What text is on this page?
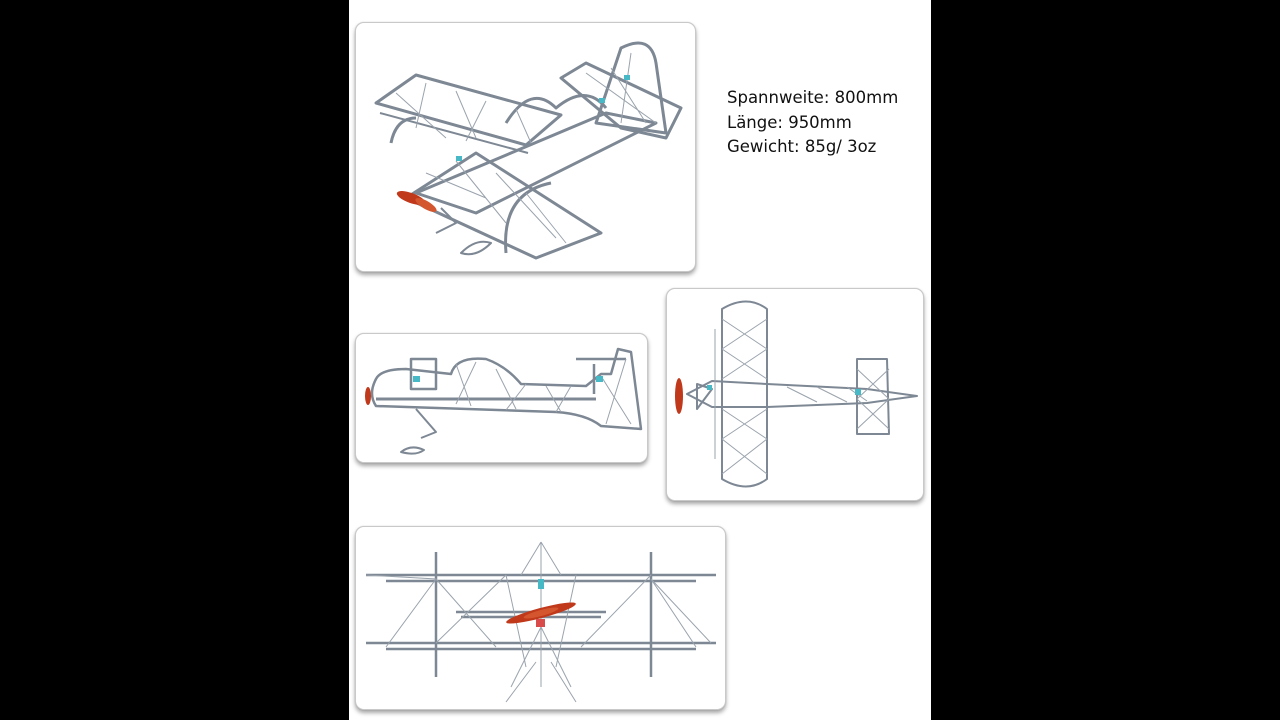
Spannweite: 800mm
Länge: 950mm
Gewicht: 85g/ 3oz
